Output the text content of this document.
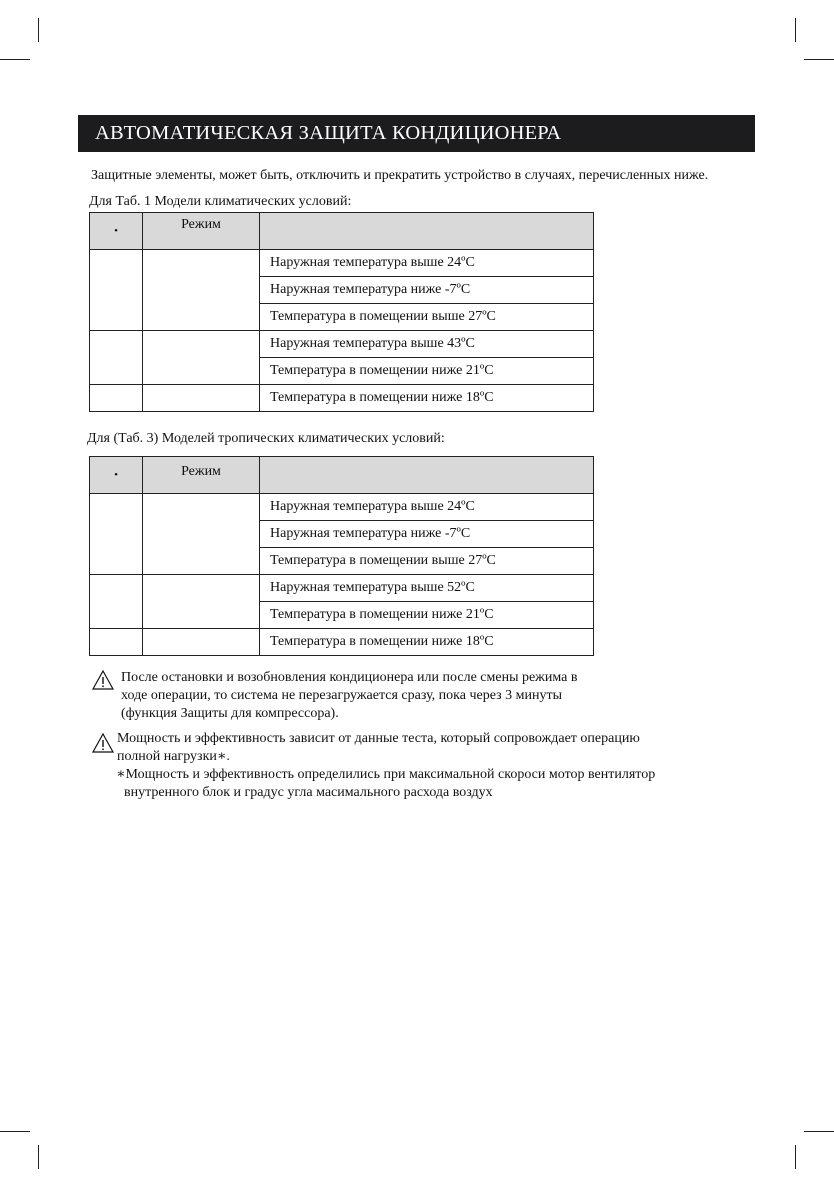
АВТОМАТИЧЕСКАЯ ЗАЩИТА КОНДИЦИОНЕРА
Защитные элементы, может быть, отключить и прекратить устройство в случаях, перечисленных ниже.
Для Таб. 1 Модели климатических условий:
•	Режим	
		Наружная температура выше 24ºC
		Наружная температура ниже -7ºC
		Температура в помещении выше 27ºC
		Наружная температура выше 43ºC
		Температура в помещении ниже 21ºC
		Температура в помещении ниже 18ºC
Для (Таб. 3) Моделей тропических климатических условий:
•	Режим	
		Наружная температура выше 24ºC
		Наружная температура ниже -7ºC
		Температура в помещении выше 27ºC
		Наружная температура выше 52ºC
		Температура в помещении ниже 21ºC
		Температура в помещении ниже 18ºC
После остановки и возобновления кондиционера или после смены режима в
ходе операции, то система не перезагружается сразу, пока через 3 минуты
(функция Защиты для компрессора).
Мощность и эффективность зависит от данные теста, который сопровождает операцию
полной нагрузки∗.
∗Мощность и эффективность определились при максимальной скороси мотор вентилятор
внутренного блок и градус угла масимального расхода воздух
